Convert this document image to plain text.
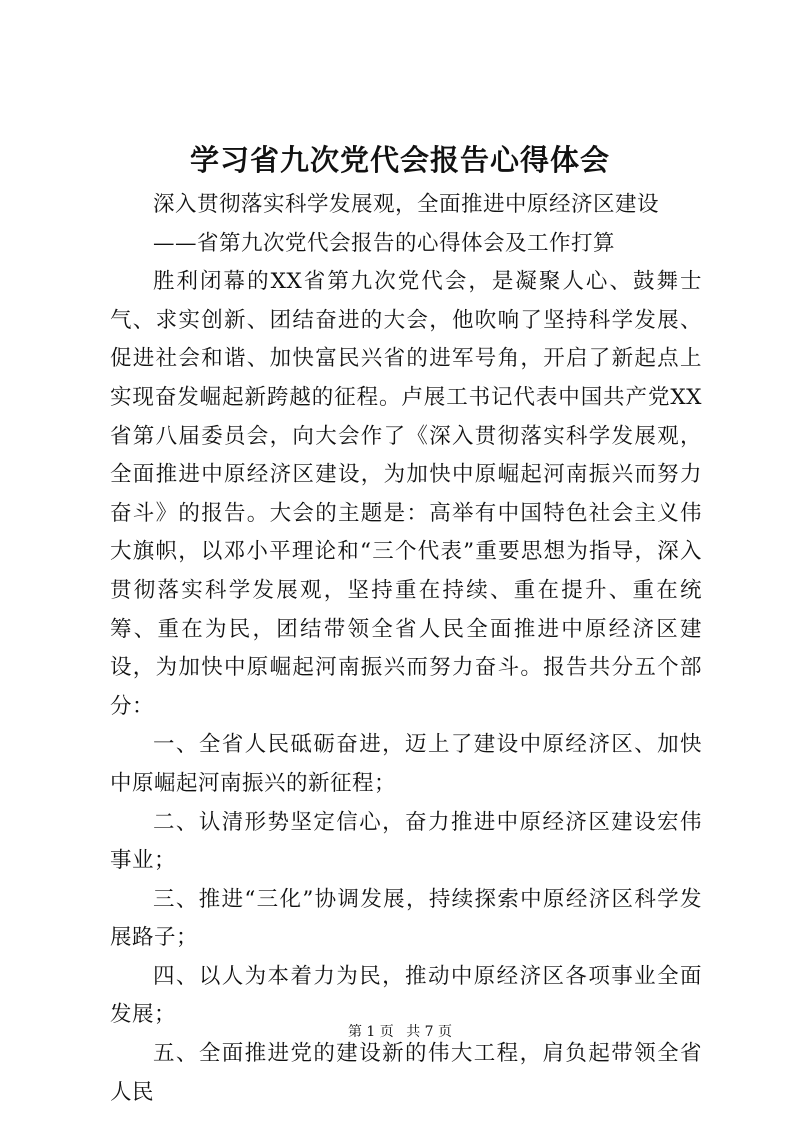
学习省九次党代会报告心得体会

深入贯彻落实科学发展观，全面推进中原经济区建设

——省第九次党代会报告的心得体会及工作打算

胜利闭幕的XX省第九次党代会，是凝聚人心、鼓舞士气、求实创新、团结奋进的大会，他吹响了坚持科学发展、促进社会和谐、加快富民兴省的进军号角，开启了新起点上实现奋发崛起新跨越的征程。卢展工书记代表中国共产党XX省第八届委员会，向大会作了《深入贯彻落实科学发展观，全面推进中原经济区建设，为加快中原崛起河南振兴而努力奋斗》的报告。大会的主题是：高举有中国特色社会主义伟大旗帜，以邓小平理论和“三个代表”重要思想为指导，深入贯彻落实科学发展观，坚持重在持续、重在提升、重在统筹、重在为民，团结带领全省人民全面推进中原经济区建设，为加快中原崛起河南振兴而努力奋斗。报告共分五个部分：

一、全省人民砥砺奋进，迈上了建设中原经济区、加快中原崛起河南振兴的新征程；

二、认清形势坚定信心，奋力推进中原经济区建设宏伟事业；

三、推进“三化”协调发展，持续探索中原经济区科学发展路子；

四、以人为本着力为民，推动中原经济区各项事业全面发展；

五、全面推进党的建设新的伟大工程，肩负起带领全省人民

第 1 页 共 7 页
